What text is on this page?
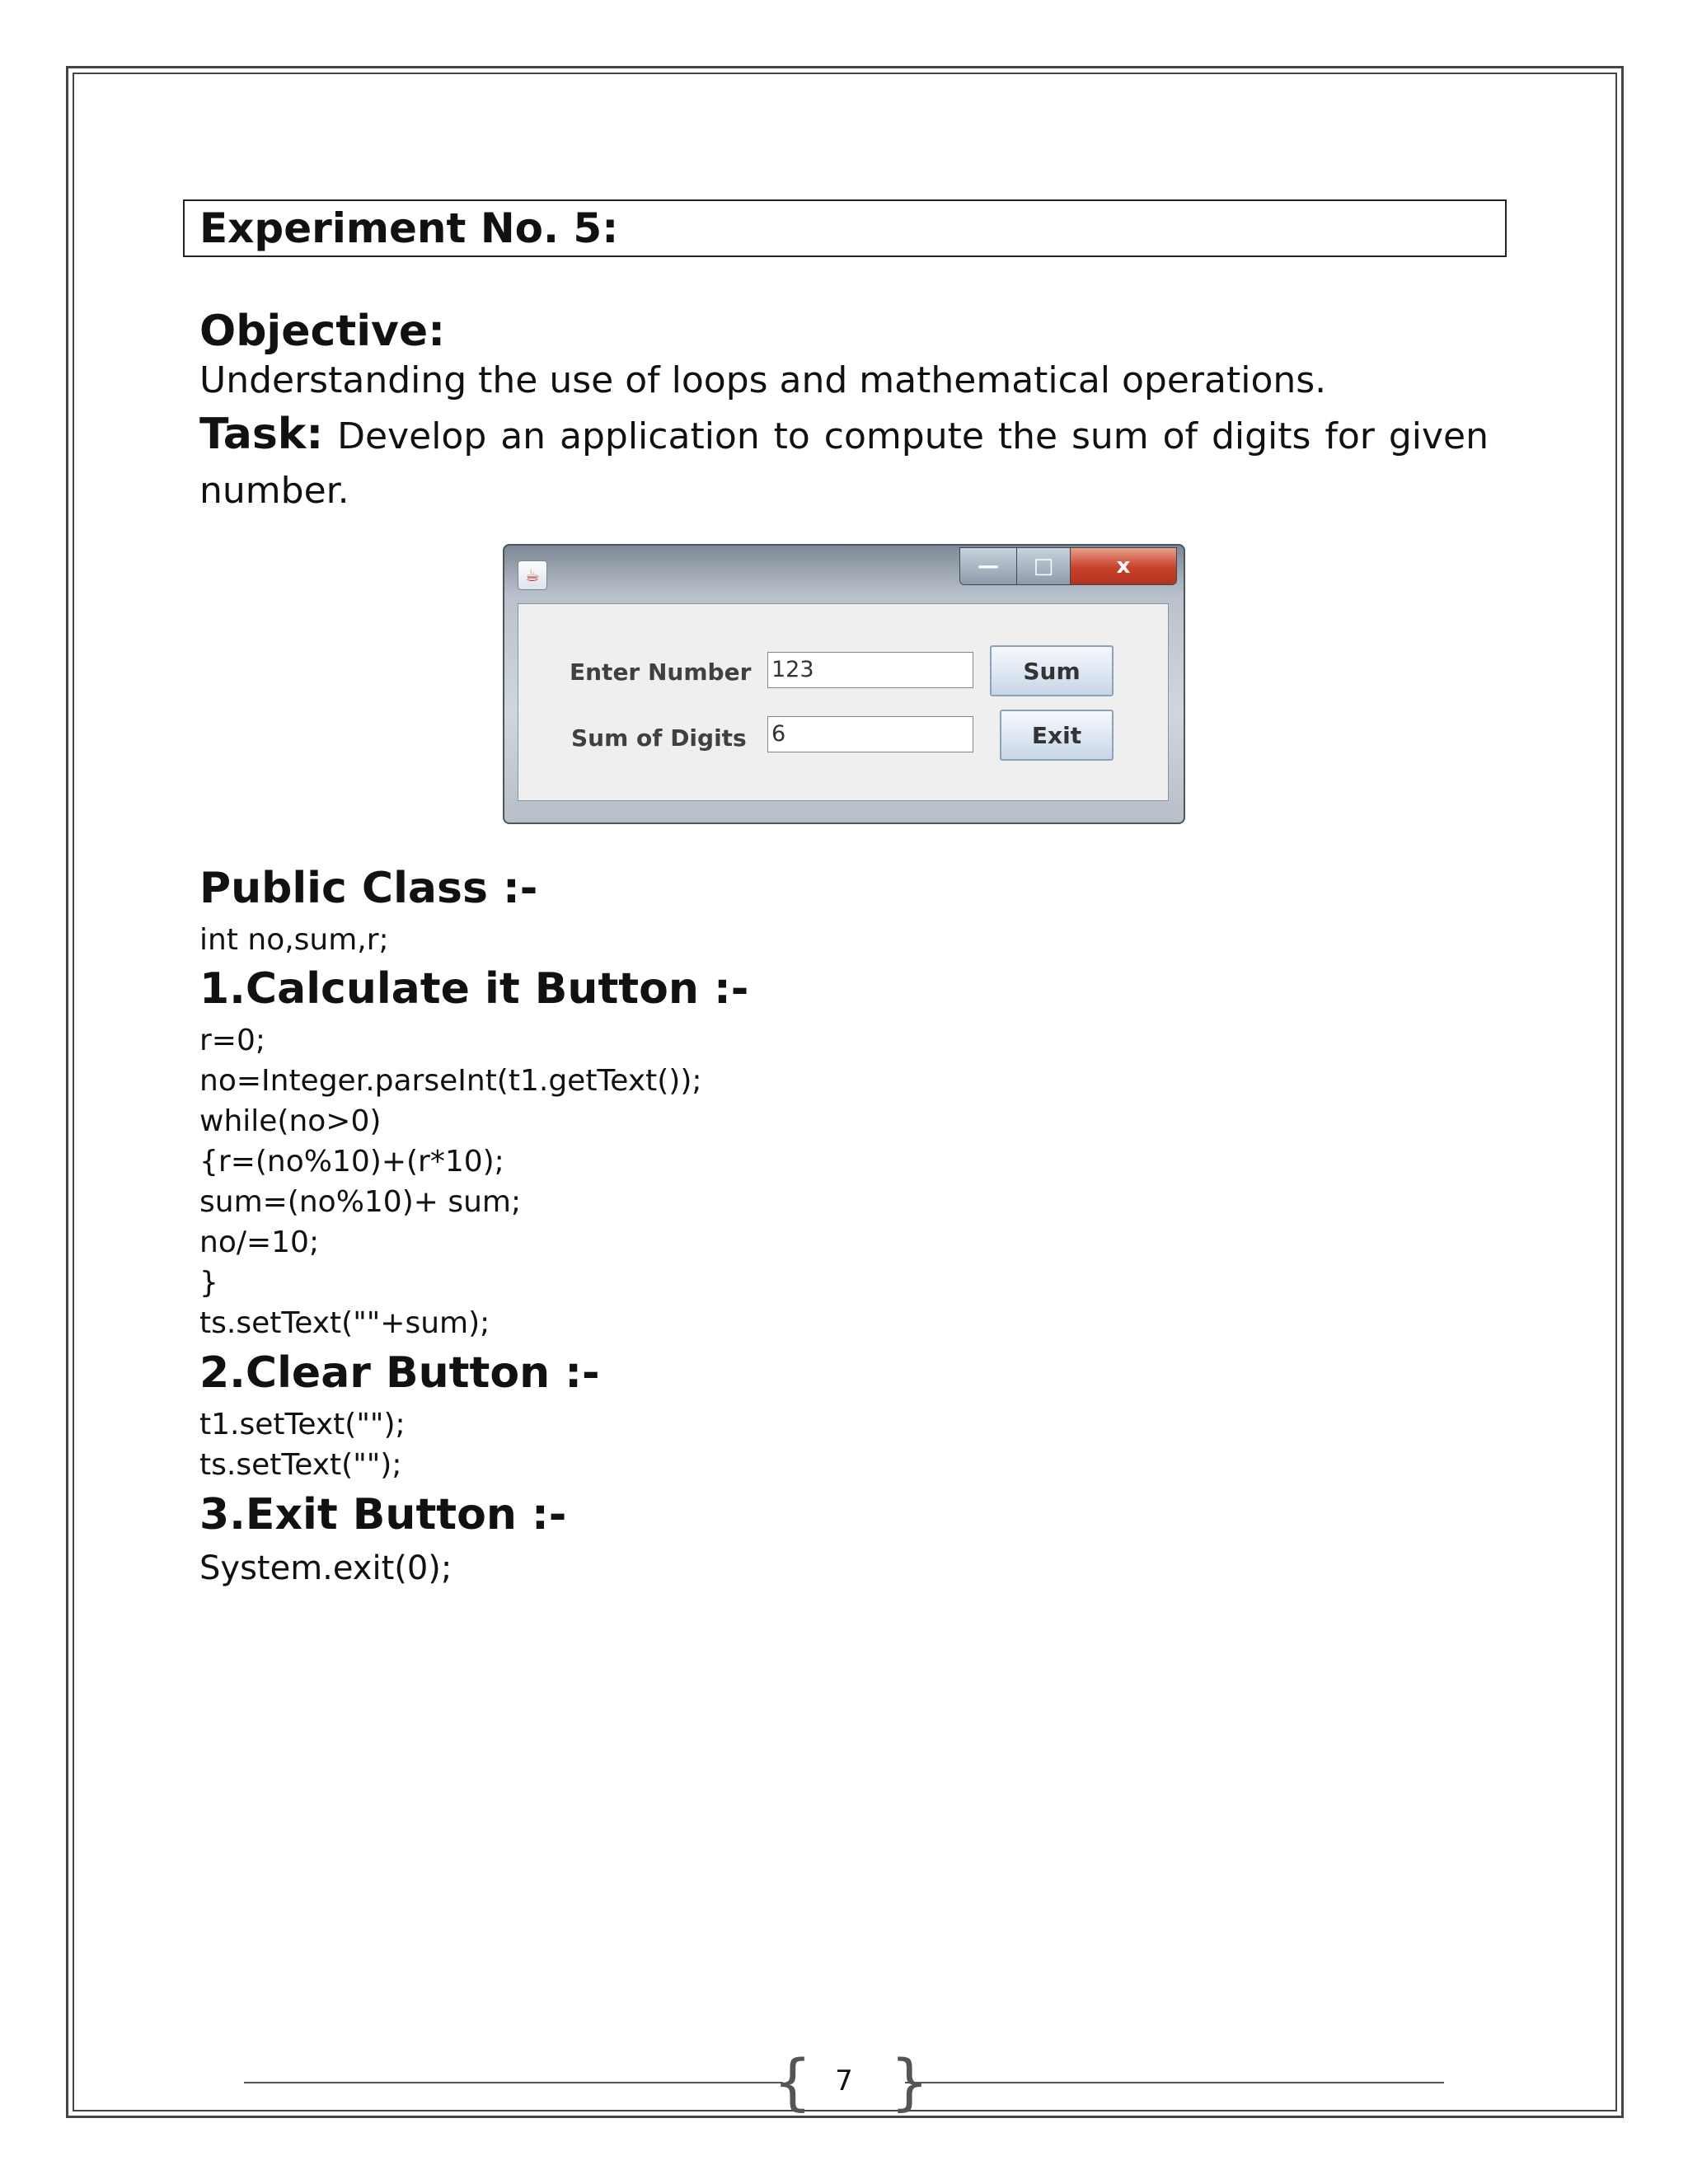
Experiment No. 5:
Objective:
Understanding the use of loops and mathematical operations.
Task: Develop an application to compute the sum of digits for given number.
☕	—	□	x
Enter Number 123	Sum
Sum of Digits 6	Exit
Public Class :-
int no,sum,r;
1.Calculate it Button :-
r=0;
no=Integer.parseInt(t1.getText());
while(no>0)
{r=(no%10)+(r*10);
sum=(no%10)+ sum;
no/=10;
}
ts.setText(""+sum);
2.Clear Button :-
t1.setText("");
ts.setText("");
3.Exit Button :-
System.exit(0);
{ }
7
